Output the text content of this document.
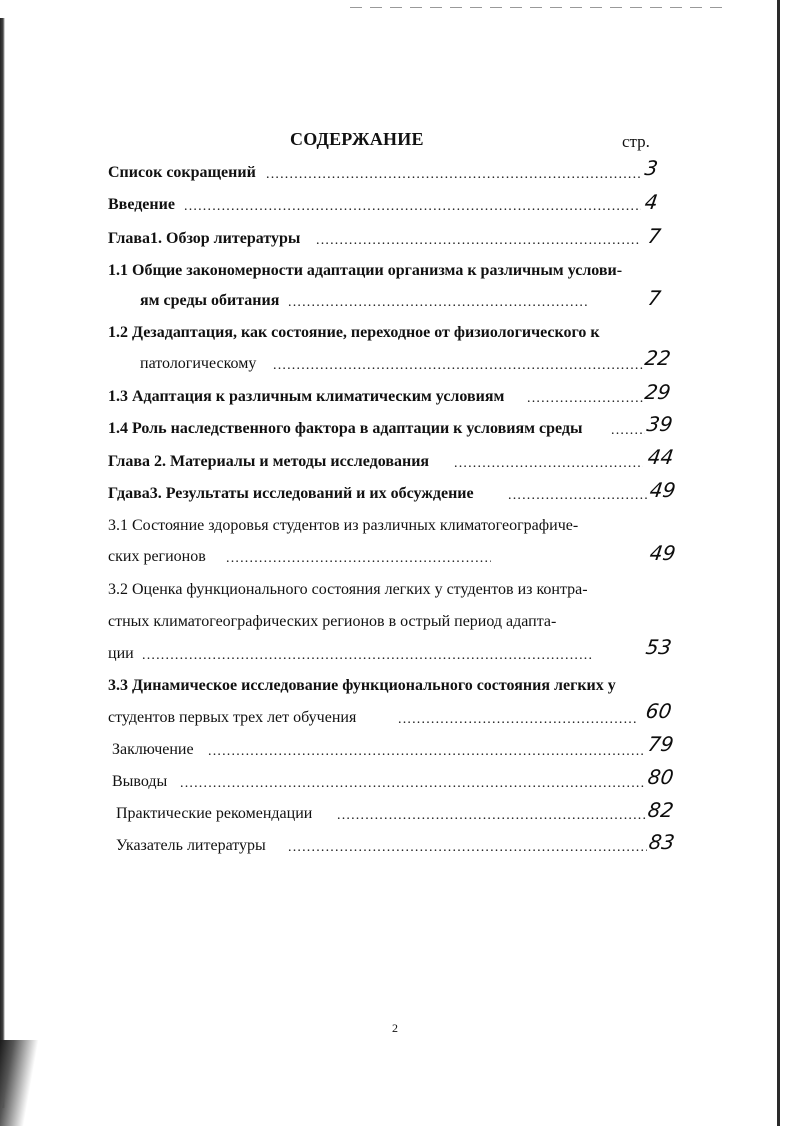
СОДЕРЖАНИЕ	стр.
Список сокращений .....	3
Введение .....	4
Глава1. Обзор литературы .....	7
1.1 Общие закономерности адаптации организма к различным услови-
ям среды обитания .....	7
1.2 Дезадаптация, как состояние, переходное от физиологического к
патологическому .....	22
1.3 Адаптация к различным климатическим условиям .....	29
1.4 Роль наследственного фактора в адаптации к условиям среды .....	39
Глава 2. Материалы и методы исследования .....	44
Гдава3. Результаты исследований и их обсуждение .....	49
3.1 Состояние здоровья студентов из различных климатогеографиче-
ских регионов .....	49
3.2 Оценка функционального состояния легких у студентов из контра-
стных климатогеографических регионов в острый период адапта-
ции .....	53
3.3 Динамическое исследование функционального состояния легких у
студентов первых трех лет обучения .....	60
Заключение .....	79
Выводы .....	80
Практические рекомендации .....	82
Указатель литературы .....	83
2
